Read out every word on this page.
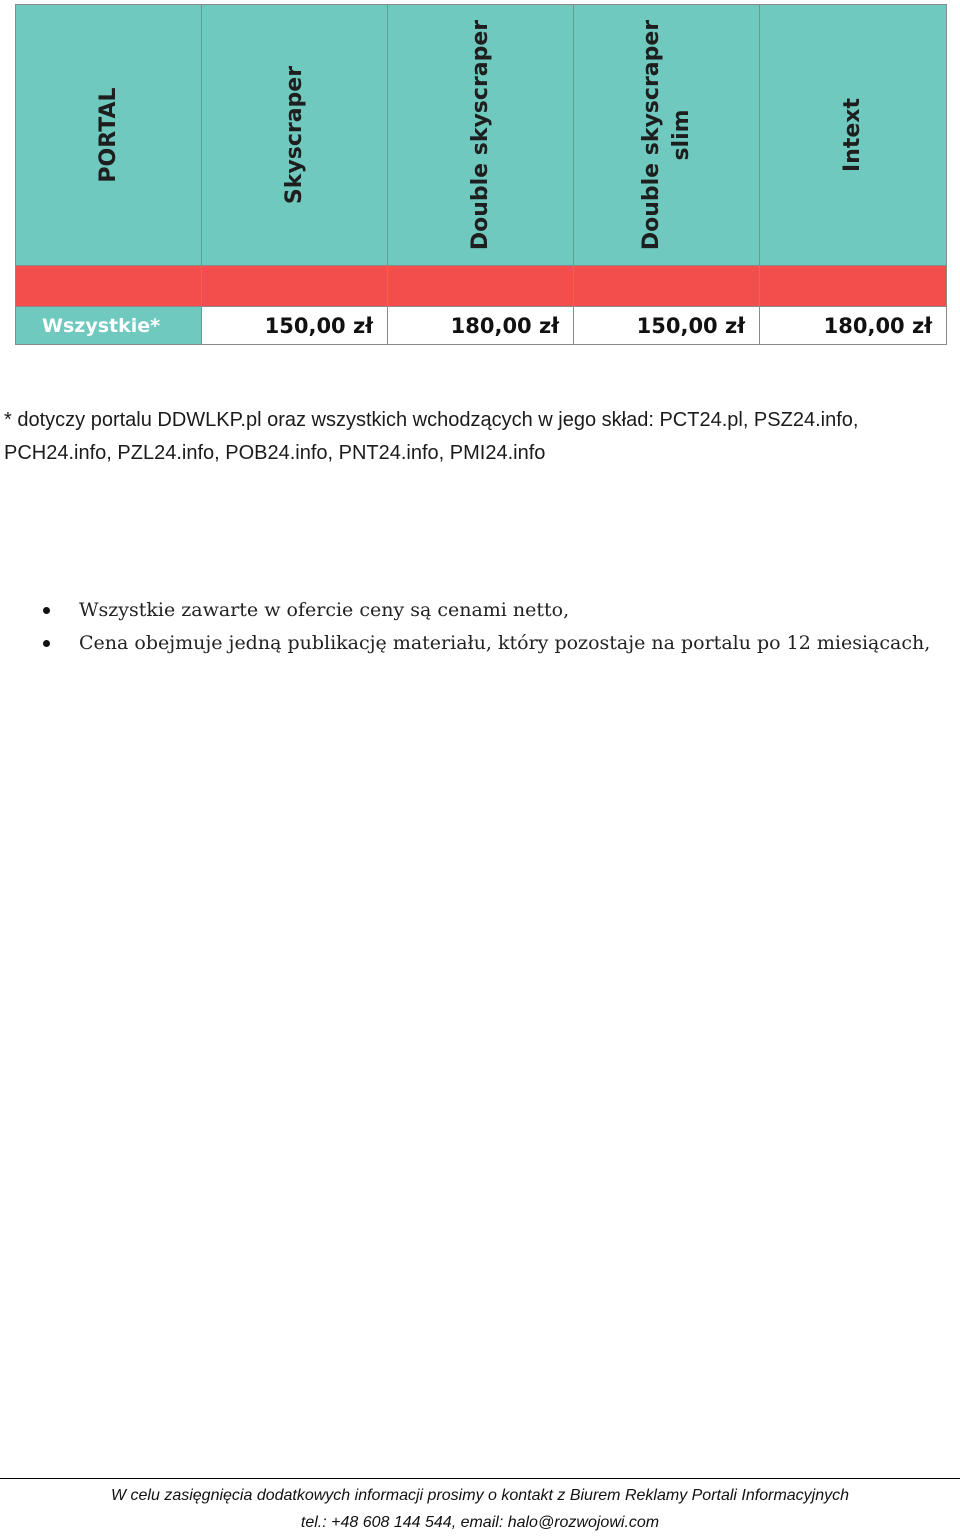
PORTAL	Skyscraper	Double skyscraper	Double skyscraper slim	Intext

Wszystkie*	150,00 zł	180,00 zł	150,00 zł	180,00 zł
* dotyczy portalu DDWLKP.pl oraz wszystkich wchodzących w jego skład: PCT24.pl, PSZ24.info, PCH24.info, PZL24.info, POB24.info, PNT24.info, PMI24.info
Wszystkie zawarte w ofercie ceny są cenami netto,
Cena obejmuje jedną publikację materiału, który pozostaje na portalu po 12 miesiącach,
W celu zasięgnięcia dodatkowych informacji prosimy o kontakt z Biurem Reklamy Portali Informacyjnych
tel.: +48 608 144 544, email: halo@rozwojowi.com
